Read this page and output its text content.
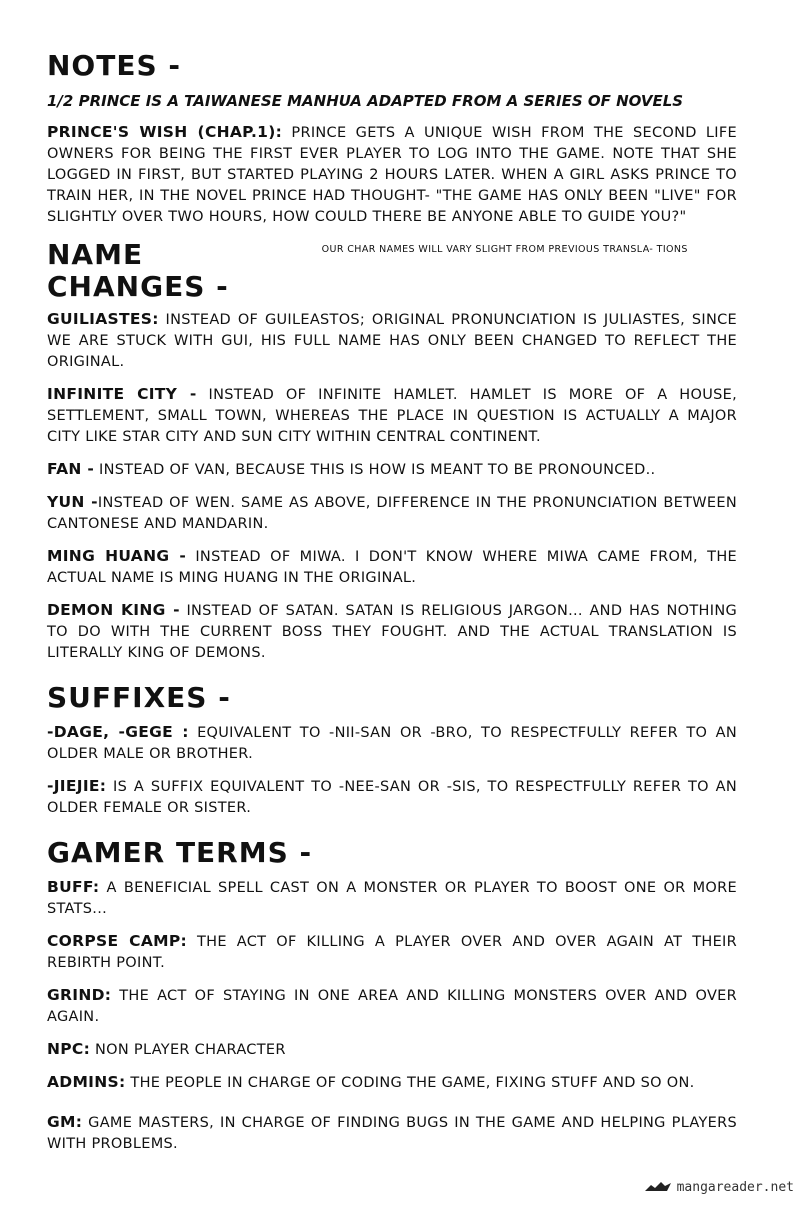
NOTES -
1/2 PRINCE IS A TAIWANESE MANHUA ADAPTED FROM A SERIES OF NOVELS

PRINCE'S WISH (CHAP.1): PRINCE GETS A UNIQUE WISH FROM THE SECOND LIFE OWNERS FOR BEING THE FIRST EVER PLAYER TO LOG INTO THE GAME. NOTE THAT SHE LOGGED IN FIRST, BUT STARTED PLAYING 2 HOURS LATER. WHEN A GIRL ASKS PRINCE TO TRAIN HER, IN THE NOVEL PRINCE HAD THOUGHT- "THE GAME HAS ONLY BEEN "LIVE" FOR SLIGHTLY OVER TWO HOURS, HOW COULD THERE BE ANYONE ABLE TO GUIDE YOU?"

NAME CHANGES -
OUR CHAR NAMES WILL VARY SLIGHT FROM PREVIOUS TRANSLA- TIONS

GUILIASTES: INSTEAD OF GUILEASTOS; ORIGINAL PRONUNCIATION IS JULIASTES, SINCE WE ARE STUCK WITH GUI, HIS FULL NAME HAS ONLY BEEN CHANGED TO REFLECT THE ORIGINAL.

INFINITE CITY - INSTEAD OF INFINITE HAMLET. HAMLET IS MORE OF A HOUSE, SETTLEMENT, SMALL TOWN, WHEREAS THE PLACE IN QUESTION IS ACTUALLY A MAJOR CITY LIKE STAR CITY AND SUN CITY WITHIN CENTRAL CONTINENT.

FAN - INSTEAD OF VAN, BECAUSE THIS IS HOW IS MEANT TO BE PRONOUNCED..

YUN -INSTEAD OF WEN. SAME AS ABOVE, DIFFERENCE IN THE PRONUNCIATION BETWEEN CANTONESE AND MANDARIN.

MING HUANG - INSTEAD OF MIWA. I DON'T KNOW WHERE MIWA CAME FROM, THE ACTUAL NAME IS MING HUANG IN THE ORIGINAL.

DEMON KING - INSTEAD OF SATAN. SATAN IS RELIGIOUS JARGON... AND HAS NOTHING TO DO WITH THE CURRENT BOSS THEY FOUGHT. AND THE ACTUAL TRANSLATION IS LITERALLY KING OF DEMONS.

SUFFIXES -

-DAGE, -GEGE : EQUIVALENT TO -NII-SAN OR -BRO, TO RESPECTFULLY REFER TO AN OLDER MALE OR BROTHER.

-JIEJIE: IS A SUFFIX EQUIVALENT TO -NEE-SAN OR -SIS, TO RESPECTFULLY REFER TO AN OLDER FEMALE OR SISTER.

GAMER TERMS -

BUFF: A BENEFICIAL SPELL CAST ON A MONSTER OR PLAYER TO BOOST ONE OR MORE STATS...

CORPSE CAMP: THE ACT OF KILLING A PLAYER OVER AND OVER AGAIN AT THEIR REBIRTH POINT.

GRIND: THE ACT OF STAYING IN ONE AREA AND KILLING MONSTERS OVER AND OVER AGAIN.

NPC: NON PLAYER CHARACTER

ADMINS: THE PEOPLE IN CHARGE OF CODING THE GAME, FIXING STUFF AND SO ON.

GM: GAME MASTERS, IN CHARGE OF FINDING BUGS IN THE GAME AND HELPING PLAYERS WITH PROBLEMS.

mangareader.net
